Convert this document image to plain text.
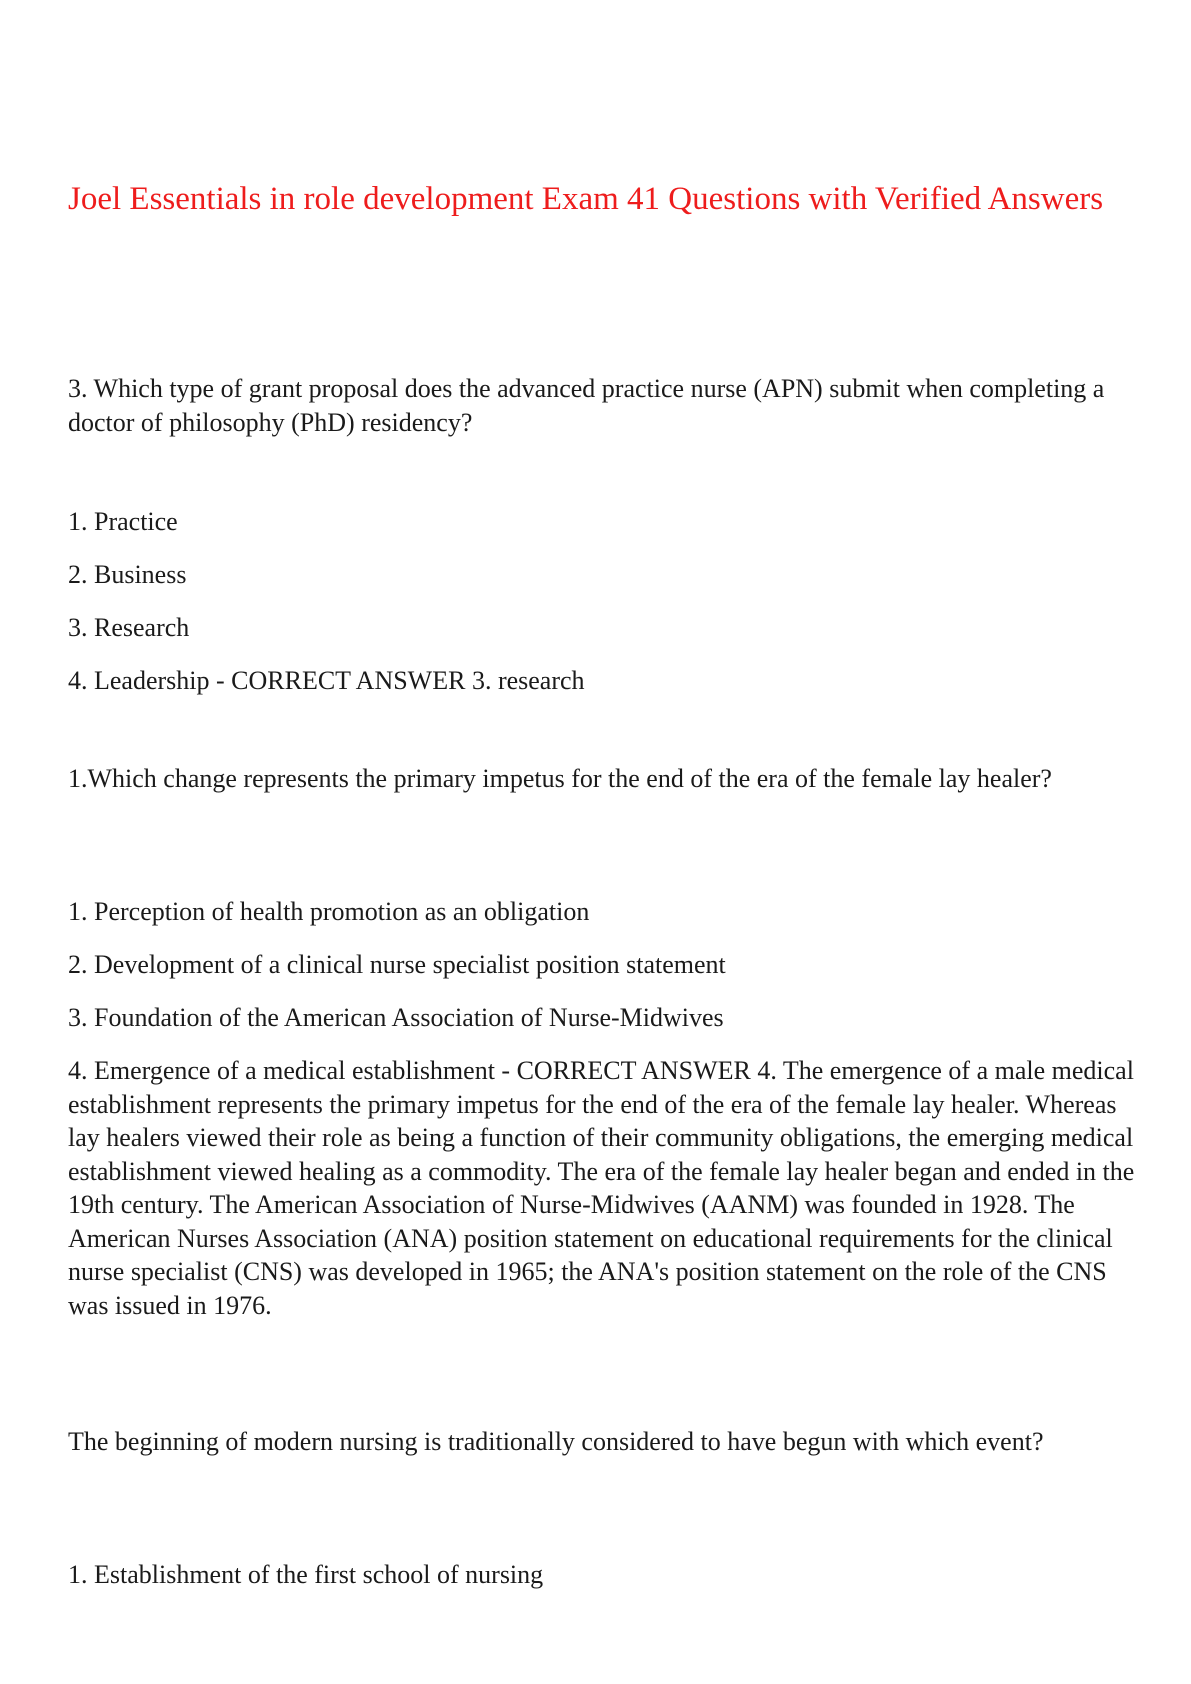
Joel Essentials in role development Exam 41 Questions with Verified Answers

3. Which type of grant proposal does the advanced practice nurse (APN) submit when completing a doctor of philosophy (PhD) residency?

1. Practice

2. Business

3. Research

4. Leadership - CORRECT ANSWER 3. research

1.Which change represents the primary impetus for the end of the era of the female lay healer?

1. Perception of health promotion as an obligation

2. Development of a clinical nurse specialist position statement

3. Foundation of the American Association of Nurse-Midwives

4. Emergence of a medical establishment - CORRECT ANSWER 4. The emergence of a male medical establishment represents the primary impetus for the end of the era of the female lay healer. Whereas lay healers viewed their role as being a function of their community obligations, the emerging medical establishment viewed healing as a commodity. The era of the female lay healer began and ended in the 19th century. The American Association of Nurse-Midwives (AANM) was founded in 1928. The American Nurses Association (ANA) position statement on educational requirements for the clinical nurse specialist (CNS) was developed in 1965; the ANA's position statement on the role of the CNS was issued in 1976.

The beginning of modern nursing is traditionally considered to have begun with which event?

1. Establishment of the first school of nursing
